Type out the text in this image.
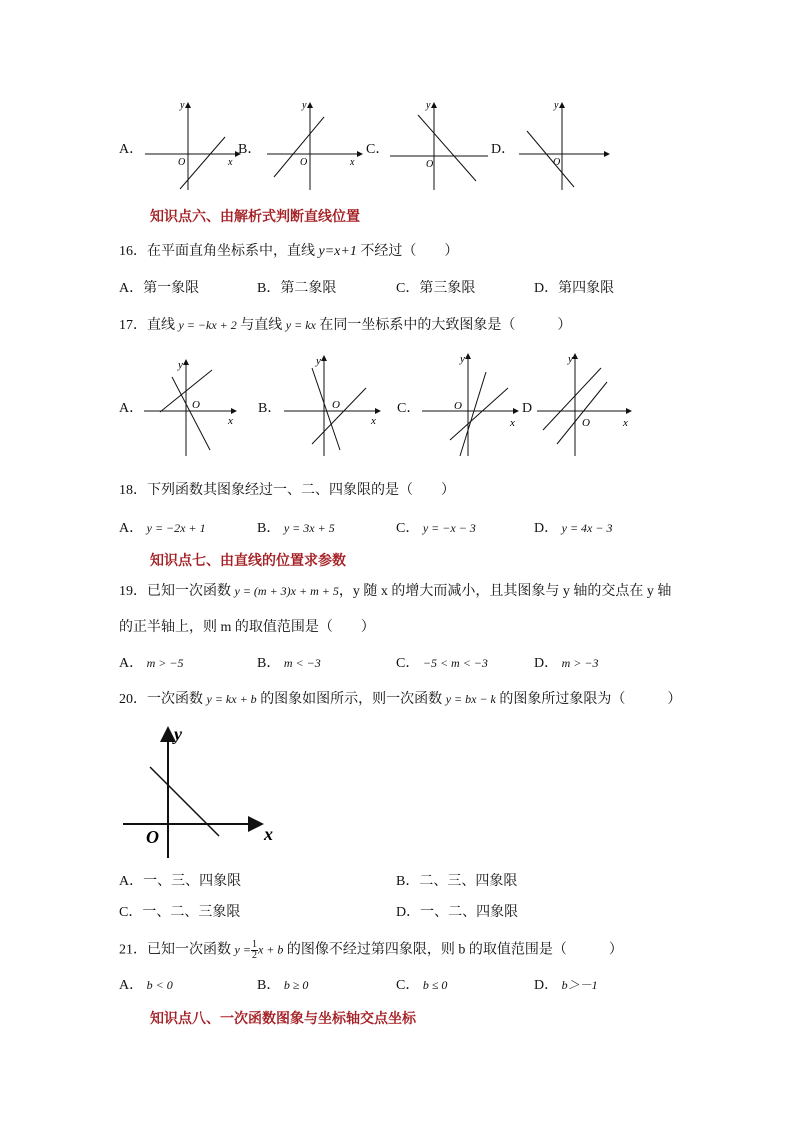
A．
y
O	x
B．
y
O	x
C．
y
O
D．
y
O
知识点六、由解析式判断直线位置
16．在平面直角坐标系中，直线 y=x+1 不经过（　　）
A．第一象限	B．第二象限	C．第三象限	D．第四象限
17．直线 y = −kx + 2 与直线 y = kx 在同一坐标系中的大致图象是（　　　）
A．
y
O
x
B．
y
O
x
C．
y
O
x
D
y
O	x
18．下列函数其图象经过一、二、四象限的是（　　）
A． y = −2x + 1	B． y = 3x + 5	C． y = −x − 3	D． y = 4x − 3
知识点七、由直线的位置求参数
19．已知一次函数 y = (m + 3)x + m + 5，y 随 x 的增大而减小，且其图象与 y 轴的交点在 y 轴
的正半轴上，则 m 的取值范围是（　　）
A． m > −5	B． m < −3	C． −5 < m < −3	D． m > −3
20．一次函数 y = kx + b 的图象如图所示，则一次函数 y = bx − k 的图象所过象限为（　　　）
y
O	x
A．一、三、四象限	B．二、三、四象限
C．一、二、三象限	D．一、二、四象限
21．已知一次函数 $y = \frac{1}{2}$ x + b 的图像不经过第四象限，则 b 的取值范围是（　　　）
A． b < 0	B． b ≥ 0	C． b ≤ 0	D． b＞－1
知识点八、一次函数图象与坐标轴交点坐标
